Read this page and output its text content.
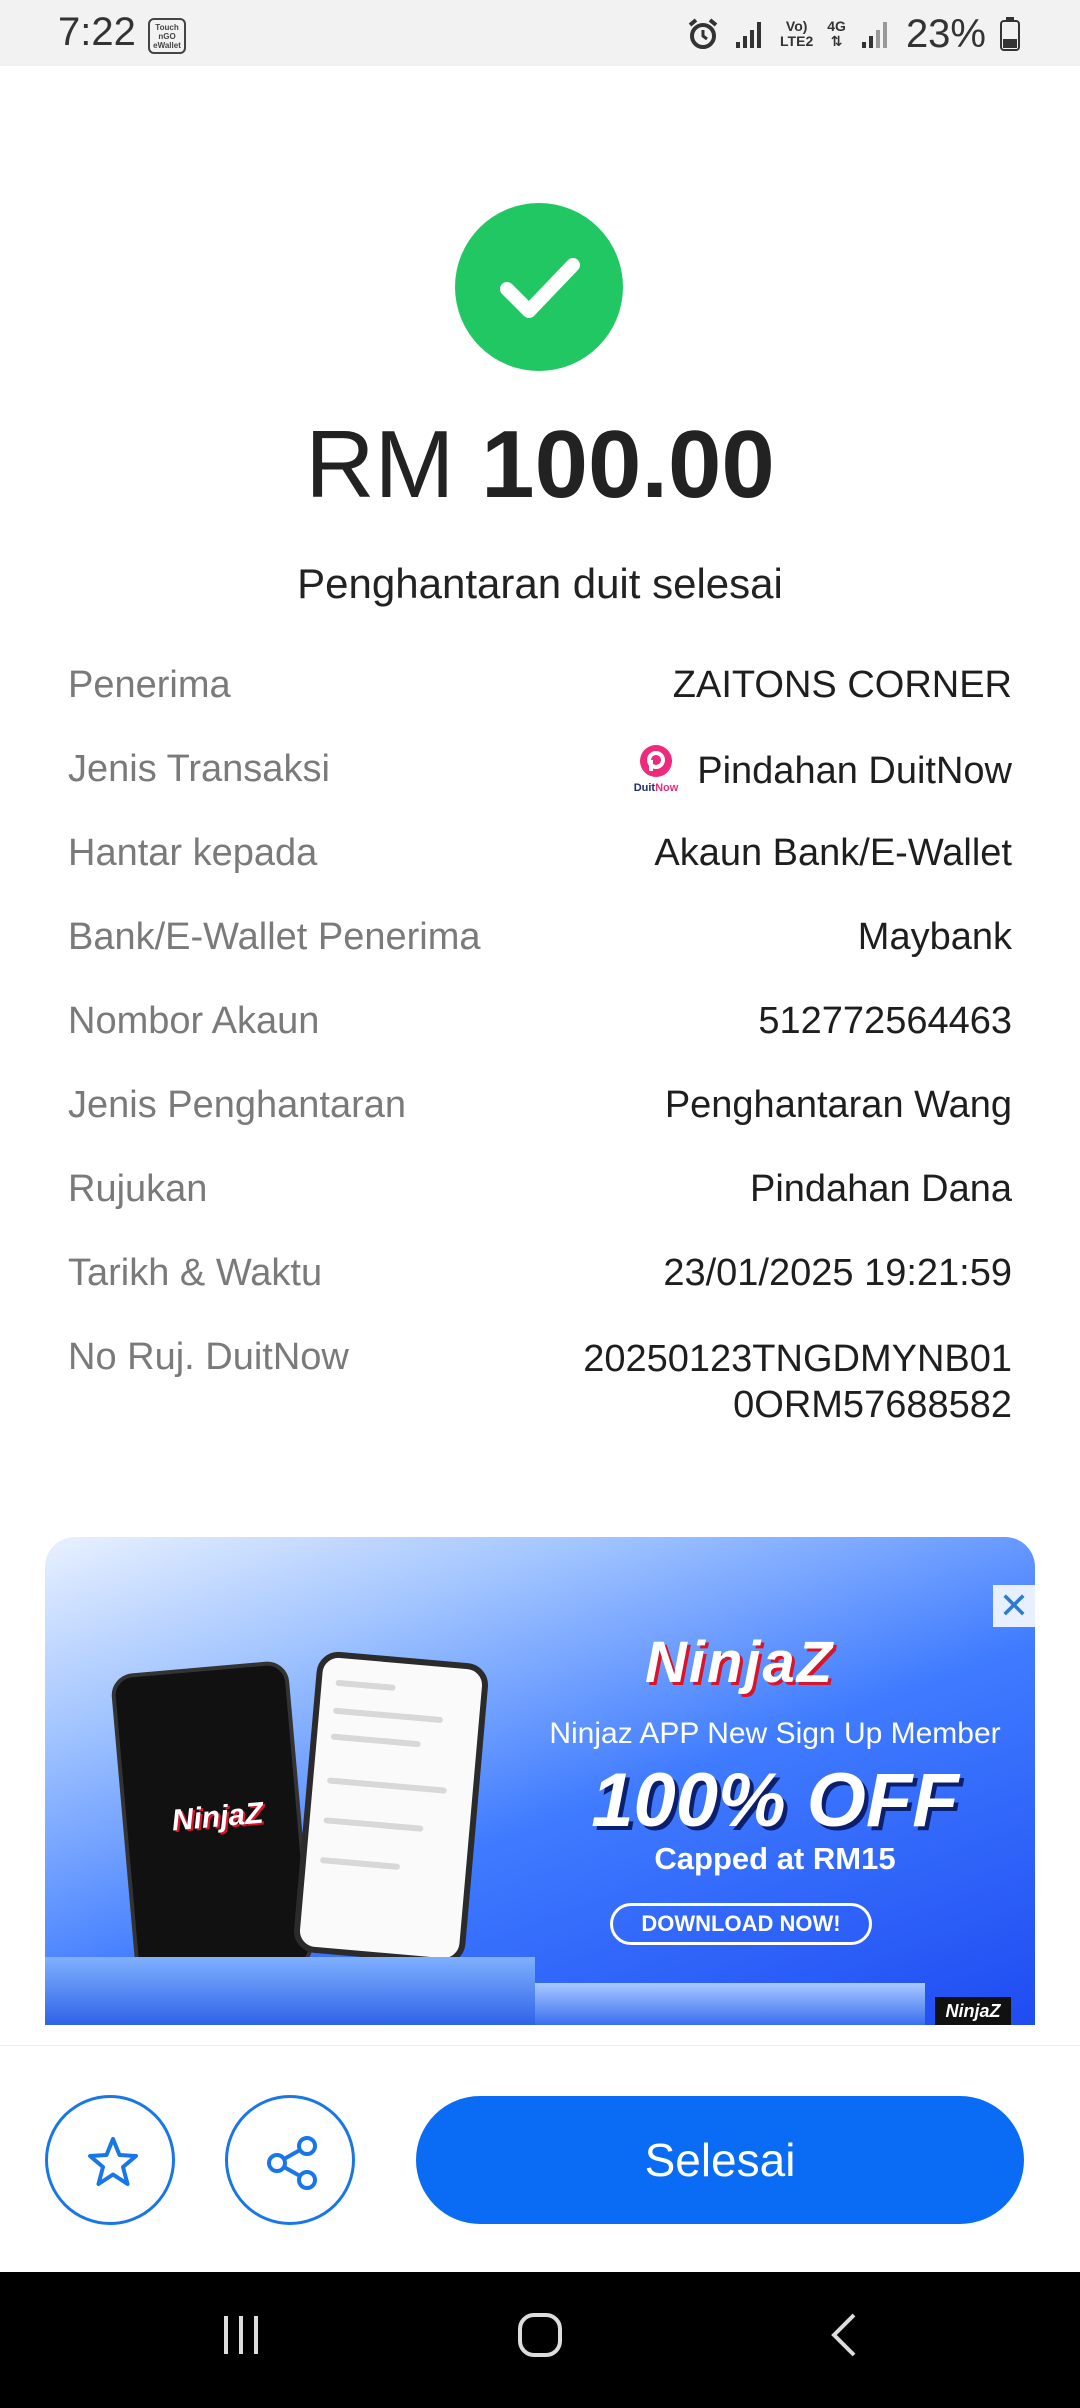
7:22	Touch
nGO
eWallet
Vo)
LTE2
4G
⇅ 23%
RM 100.00
Penghantaran duit selesai
Penerima	ZAITONS CORNER
Jenis Transaksi	DuitNow Pindahan DuitNow
Hantar kepada	Akaun Bank/E-Wallet
Bank/E-Wallet Penerima	Maybank
Nombor Akaun	512772564463
Jenis Penghantaran	Penghantaran Wang
Rujukan	Pindahan Dana
Tarikh & Waktu	23/01/2025 19:21:59
No Ruj. DuitNow	20250123TNGDMYNB01
0ORM57688582
✕
NinjaZ
NinjaZ
Ninjaz APP New Sign Up Member
100% OFF
Capped at RM15
DOWNLOAD NOW!
NinjaZ
Selesai
